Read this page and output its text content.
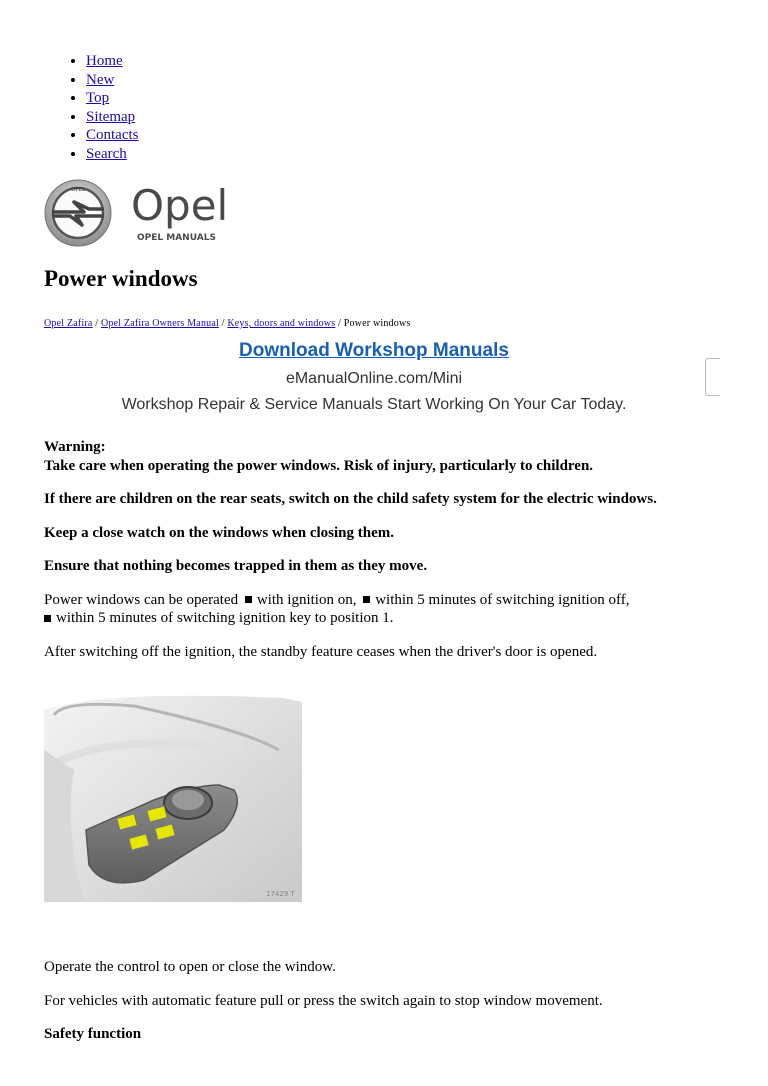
• Home
• New
• Top
• Sitemap
• Contacts
• Search
OPEL Opel
OPEL MANUALS
Power windows
Opel Zafira / Opel Zafira Owners Manual / Keys, doors and windows / Power windows
Download Workshop Manuals
eManualOnline.com/Mini
Workshop Repair & Service Manuals Start Working On Your Car Today.

Warning:
Take care when operating the power windows. Risk of injury, particularly to children.

If there are children on the rear seats, switch on the child safety system for the electric windows.

Keep a close watch on the windows when closing them.

Ensure that nothing becomes trapped in them as they move.

Power windows can be operated with ignition on, within 5 minutes of switching ignition off,
within 5 minutes of switching ignition key to position 1.

After switching off the ignition, the standby feature ceases when the driver's door is opened.

17429 T

Operate the control to open or close the window.

For vehicles with automatic feature pull or press the switch again to stop window movement.

Safety function
